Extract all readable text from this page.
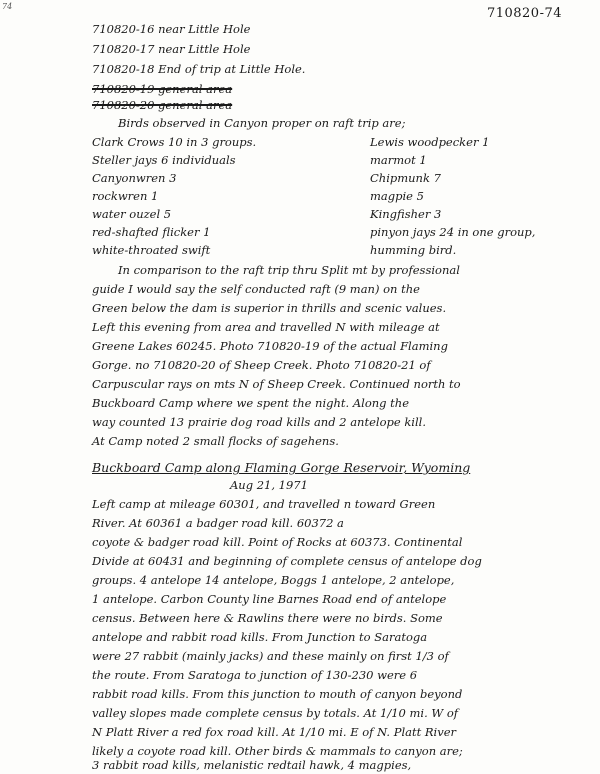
74	710820-74
710820-16 near Little Hole
710820-17 near Little Hole
710820-18 End of trip at Little Hole.
710820-19 general area
710820-20 general area
Birds observed in Canyon proper on raft trip are;
Clark Crows 10 in 3 groups.
Steller jays 6 individuals
Canyonwren 3
rockwren 1
water ouzel 5
red-shafted flicker 1
white-throated swift
Lewis woodpecker 1
marmot 1
Chipmunk 7
magpie 5
Kingfisher 3
pinyon jays 24 in one group,
humming bird.
In comparison to the raft trip thru Split mt by professional
guide I would say the self conducted raft (9 man) on the
Green below the dam is superior in thrills and scenic values.
Left this evening from area and travelled N with mileage at
Greene Lakes 60245. Photo 710820-19 of the actual Flaming
Gorge. no 710820-20 of Sheep Creek. Photo 710820-21 of
Carpuscular rays on mts N of Sheep Creek. Continued north to
Buckboard Camp where we spent the night. Along the
way counted 13 prairie dog road kills and 2 antelope kill.
At Camp noted 2 small flocks of sagehens.
Buckboard Camp along Flaming Gorge Reservoir, Wyoming
Aug 21, 1971
Left camp at mileage 60301, and travelled n toward Green
River. At 60361 a badger road kill. 60372 a
coyote & badger road kill. Point of Rocks at 60373. Continental
Divide at 60431 and beginning of complete census of antelope dog
groups. 4 antelope 14 antelope, Boggs 1 antelope, 2 antelope,
1 antelope. Carbon County line Barnes Road end of antelope
census. Between here & Rawlins there were no birds. Some
antelope and rabbit road kills. From Junction to Saratoga
were 27 rabbit (mainly jacks) and these mainly on first 1/3 of
the route. From Saratoga to junction of 130-230 were 6
rabbit road kills. From this junction to mouth of canyon beyond
valley slopes made complete census by totals. At 1/10 mi. W of
N Platt River a red fox road kill. At 1/10 mi. E of N. Platt River
likely a coyote road kill. Other birds & mammals to canyon are;
3 rabbit road kills, melanistic redtail hawk, 4 magpies,
